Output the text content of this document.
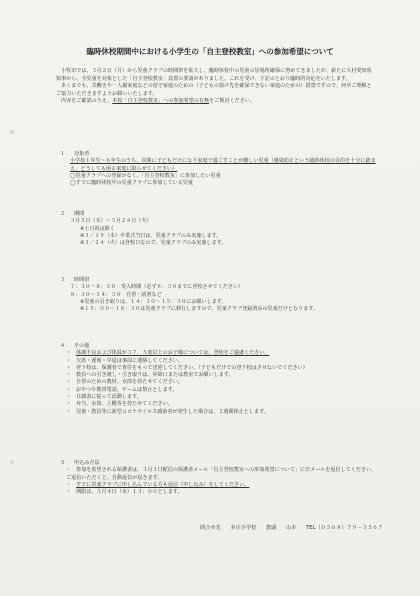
臨時休校期間中における小学生の「自主登校教室」への参加希望について

小牧市では、３月２日（月）から児童クラブの時間帯を拡大し、臨時休校中の児童の居場所確保に努めてきましたが、新たに大村愛知県知事から、全児童を対象とした「自主登校教室」設置の要請がありました。これを受け、下記のとおり臨時的対応をいたします。

あくまでも、共働きや一人親家庭などの留守家庭のための（子どもの預け先を確保できない家庭のための）措置ですので、何卒ご理解とご協力いただきますようお願いいたします。

内容をご確認のうえ、本校「自主登校教室」への参加希望の有無をご検討ください。

１ 対象者

小学校１年生～６年生のうち、昼間に子どもだけになり家庭で過ごすことが難しい児童（感染防止という臨時休校の目的を十分に踏まえ、どうしても困る家庭に限らせてください）

◯児童クラブへの登録がなく、「自主登校教室」に参加したい児童

◯すでに臨時休校中の児童クラブに参加している児童

２ 期間

３月５日（木）～３月２４日（火）

※土日祝は除く

※３／１９（木）卒業式当日は、児童クラブのみ実施します。

※３／２４（火）は登校日なので、児童クラブのみ実施します。

３ 時間帯

７：３０～８：３０　受入時間（必ず８：３０までに登校させてください）

８：３０～１４：３０　自習・読書など

※児童の引き取りは、１４：３０～１５：３０にお願いします。

※１５：００～１８：３０は児童クラブに移行しますので、児童クラブ登録済みの児童だけとなります。

４ その他

・ 体調不良および体温が３７．５度以上のお子様については、登校をご遠慮ください。

・ 欠席・遅刻・早退は事前に連絡してください。

・ 登下校は、保護者で責任をもって送迎してください。（子どもだけでの登下校はさせないでください）

・ 教員への引き渡し・引き取りは、昇降口または教室でお願いします。

・ 自習のための教材、水筒を持たせてください。

・ おやつや携帯電話、ゲームは禁止とします。

・ 日課表に従って活動します。

・ 弁当、水筒、上靴等を持たせてください。

・ 児童・教員等に新型コロナウイルス感染者が発生した場合は、２週間休止とします。

５ 申込み方法

・ 参加を希望される保護者は、３月３日配信の保護者メール「自主登校教室への参加希望について」に空メールを返信してください。ご返信いただくと、自動返信が届きます。

・ すでに児童クラブに申し込んでいる方も返信（申し込み）をしてください。

・ 期限は、３月４日（水）１３：００とします。

問合せ先 本庄小学校 教頭 山本 TEL（０５６８）７９－３５６７
